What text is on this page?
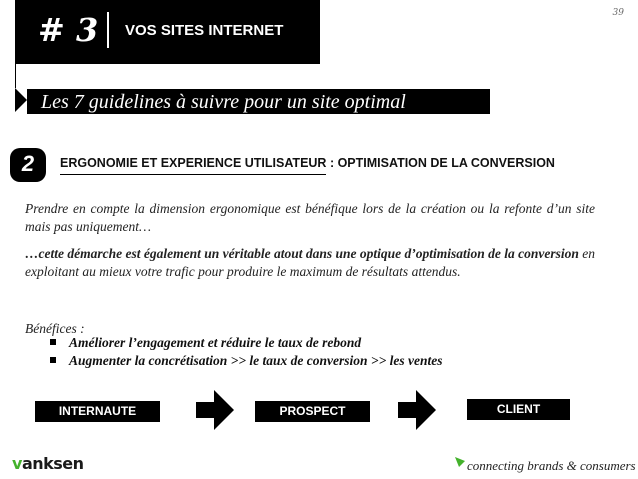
# 3 VOS SITES INTERNET
39
Les 7 guidelines à suivre pour un site optimal
2	ERGONOMIE ET EXPERIENCE UTILISATEUR : OPTIMISATION DE LA CONVERSION
Prendre en compte la dimension ergonomique est bénéfique lors de la création ou la refonte d’un site mais pas uniquement…
…cette démarche est également un véritable atout dans une optique d’optimisation de la conversion en exploitant au mieux votre trafic pour produire le maximum de résultats attendus.
Bénéfices :
Améliorer l’engagement et réduire le taux de rebond
Augmenter la concrétisation >> le taux de conversion >> les ventes
INTERNAUTE	PROSPECT	CLIENT
vanksen	connecting brands & consumers
